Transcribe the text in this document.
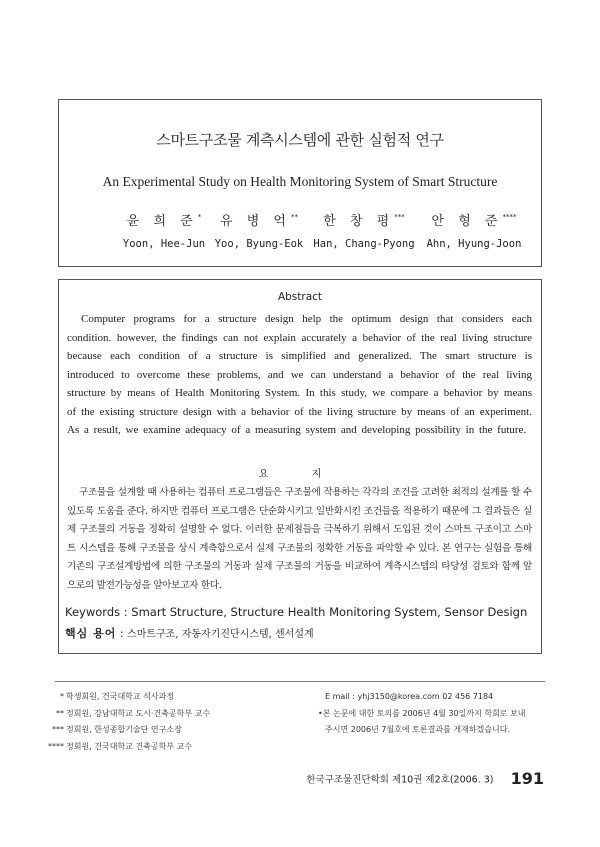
스마트구조물 계측시스템에 관한 실험적 연구
An Experimental Study on Health Monitoring System of Smart Structure
윤 희 준*
Yoon, Hee-Jun
유 병 억**
Yoo, Byung-Eok
한 창 평***
Han, Chang-Pyong
안 형 준****
Ahn, Hyung-Joon
Abstract
Computer programs for a structure design help the optimum design that considers each condition. however, the findings can not explain accurately a behavior of the real living structure because each condition of a structure is simplified and generalized. The smart structure is introduced to overcome these problems, and we can understand a behavior of the real living structure by means of Health Monitoring System. In this study, we compare a behavior by means of the existing structure design with a behavior of the living structure by means of an experiment. As a result, we examine adequacy of a measuring system and developing possibility in the future.
요 지
구조물을 설계할 때 사용하는 컴퓨터 프로그램들은 구조물에 작용하는 각각의 조건을 고려한 최적의 설계를 할 수 있도록 도움을 준다. 하지만 컴퓨터 프로그램은 단순화시키고 일반화시킨 조건들을 적용하기 때문에 그 결과들은 실제 구조물의 거동을 정확히 설명할 수 없다. 이러한 문제점들을 극복하기 위해서 도입된 것이 스마트 구조이고 스마트 시스템을 통해 구조물을 상시 계측함으로서 실제 구조물의 정확한 거동을 파악할 수 있다. 본 연구는 실험을 통해 기존의 구조설계방법에 의한 구조물의 거동과 실제 구조물의 거동을 비교하여 계측시스템의 타당성 검토와 함께 앞으로의 발전가능성을 알아보고자 한다.
Keywords : Smart Structure, Structure Health Monitoring System, Sensor Design
핵심 용어 : 스마트구조, 자동자기진단시스템, 센서설계
* 학생회원, 건국대학교 석사과정
** 정회원, 강남대학교 도시·건축공학부 교수
*** 정회원, 한성종합기술단 연구소장
**** 정회원, 건국대학교 건축공학부 교수
E mail : yhj3150@korea.com 02 456 7184
•본 논문에 대한 토의를 2006년 4월 30일까지 학회로 보내
주시면 2006년 7월호에 토론결과를 게재하겠습니다.
한국구조물진단학회 제10권 제2호(2006. 3) 191
